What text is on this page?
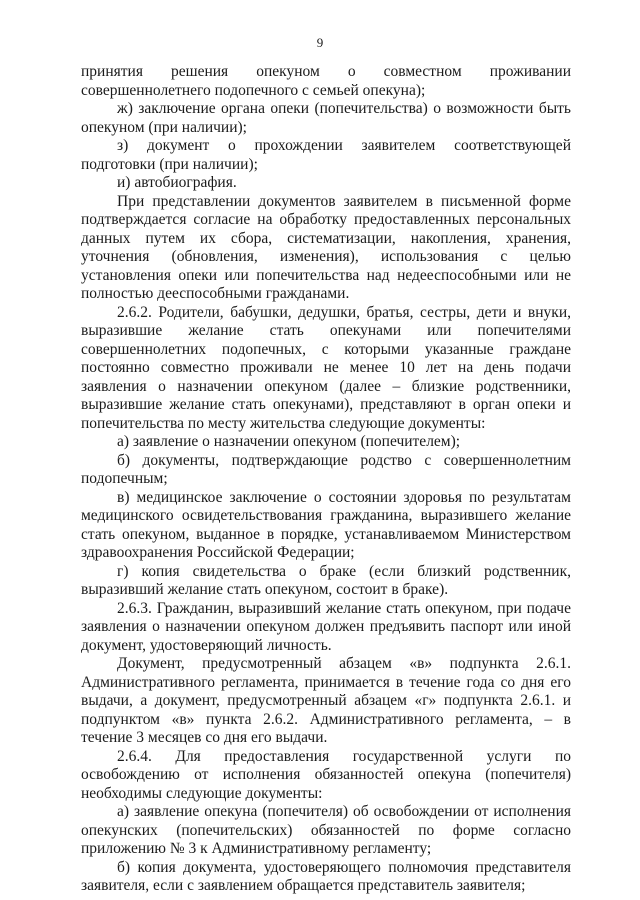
9

принятия решения опекуном о совместном проживании совершеннолетнего подопечного с семьей опекуна);

ж) заключение органа опеки (попечительства) о возможности быть опекуном (при наличии);

з) документ о прохождении заявителем соответствующей подготовки (при наличии);

и) автобиография.

При представлении документов заявителем в письменной форме подтверждается согласие на обработку предоставленных персональных данных путем их сбора, систематизации, накопления, хранения, уточнения (обновления, изменения), использования с целью установления опеки или попечительства над недееспособными или не полностью дееспособными гражданами.

2.6.2. Родители, бабушки, дедушки, братья, сестры, дети и внуки, выразившие желание стать опекунами или попечителями совершеннолетних подопечных, с которыми указанные граждане постоянно совместно проживали не менее 10 лет на день подачи заявления о назначении опекуном (далее – близкие родственники, выразившие желание стать опекунами), представляют в орган опеки и попечительства по месту жительства следующие документы:

а) заявление о назначении опекуном (попечителем);

б) документы, подтверждающие родство с совершеннолетним подопечным;

в) медицинское заключение о состоянии здоровья по результатам медицинского освидетельствования гражданина, выразившего желание стать опекуном, выданное в порядке, устанавливаемом Министерством здравоохранения Российской Федерации;

г) копия свидетельства о браке (если близкий родственник, выразивший желание стать опекуном, состоит в браке).

2.6.3. Гражданин, выразивший желание стать опекуном, при подаче заявления о назначении опекуном должен предъявить паспорт или иной документ, удостоверяющий личность.

Документ, предусмотренный абзацем «в» подпункта 2.6.1. Административного регламента, принимается в течение года со дня его выдачи, а документ, предусмотренный абзацем «г» подпункта 2.6.1. и подпунктом «в» пункта 2.6.2. Административного регламента, – в течение 3 месяцев со дня его выдачи.

2.6.4. Для предоставления государственной услуги по освобождению от исполнения обязанностей опекуна (попечителя) необходимы следующие документы:

а) заявление опекуна (попечителя) об освобождении от исполнения опекунских (попечительских) обязанностей по форме согласно приложению № 3 к Административному регламенту;

б) копия документа, удостоверяющего полномочия представителя заявителя, если с заявлением обращается представитель заявителя;
